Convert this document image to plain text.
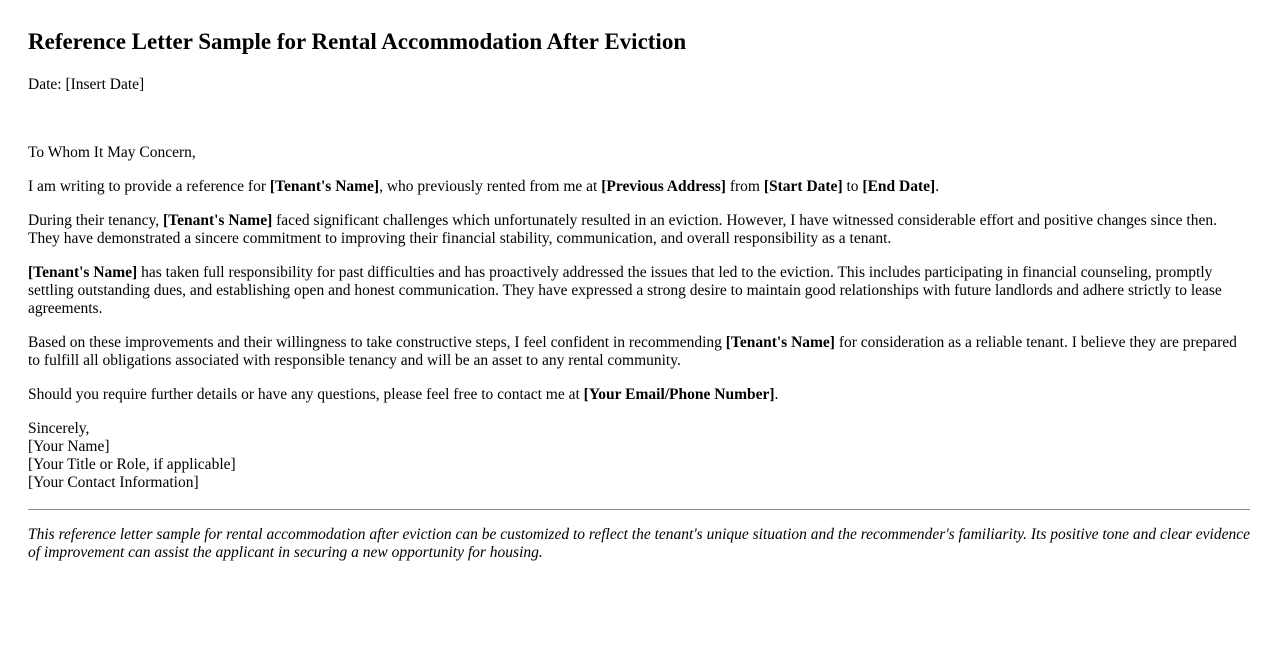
Reference Letter Sample for Rental Accommodation After Eviction

Date: [Insert Date]

To Whom It May Concern,

I am writing to provide a reference for [Tenant's Name], who previously rented from me at [Previous Address] from [Start Date] to [End Date].

During their tenancy, [Tenant's Name] faced significant challenges which unfortunately resulted in an eviction. However, I have witnessed considerable effort and positive changes since then. They have demonstrated a sincere commitment to improving their financial stability, communication, and overall responsibility as a tenant.

[Tenant's Name] has taken full responsibility for past difficulties and has proactively addressed the issues that led to the eviction. This includes participating in financial counseling, promptly settling outstanding dues, and establishing open and honest communication. They have expressed a strong desire to maintain good relationships with future landlords and adhere strictly to lease agreements.

Based on these improvements and their willingness to take constructive steps, I feel confident in recommending [Tenant's Name] for consideration as a reliable tenant. I believe they are prepared to fulfill all obligations associated with responsible tenancy and will be an asset to any rental community.

Should you require further details or have any questions, please feel free to contact me at [Your Email/Phone Number].

Sincerely,

[Your Name]

[Your Title or Role, if applicable]

[Your Contact Information]

This reference letter sample for rental accommodation after eviction can be customized to reflect the tenant's unique situation and the recommender's familiarity. Its positive tone and clear evidence of improvement can assist the applicant in securing a new opportunity for housing.
